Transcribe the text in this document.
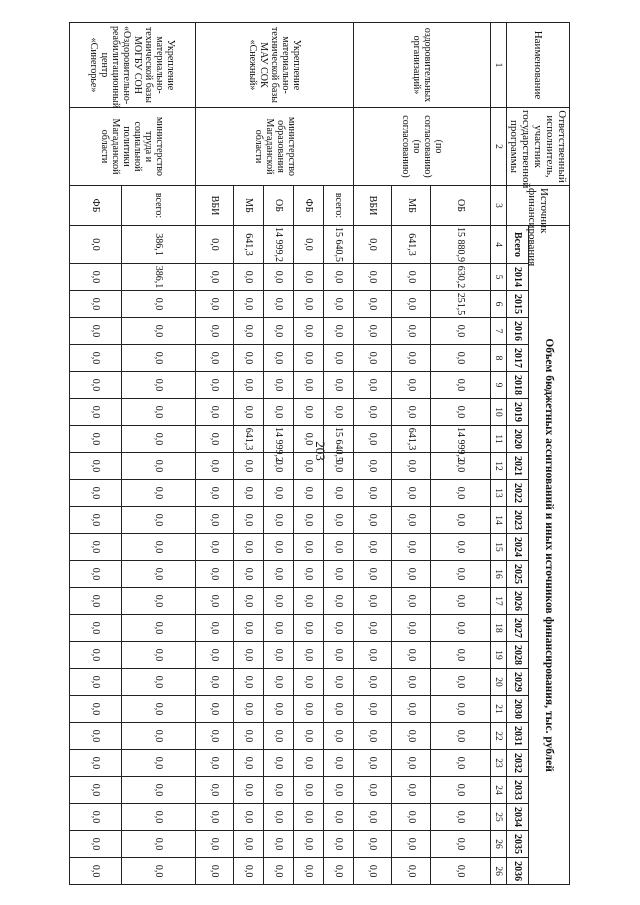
203
Наименование	Ответственный исполнитель, участник государственной программы	Источник финансирования	Объем бюджетных ассигнований и иных источников финансирования, тыс. рублей																							
			Всего	2014	2015	2016	2017	2018	2019	2020	2021	2022	2023	2024	2025	2026	2027	2028	2029	2030	2031	2032	2033	2034	2035	2036
1	2	3	4	5	6	7	8	9	10	11	12	13	14	15	16	17	18	19	20	21	22	23	24	25	26	26
оздоровительных организаций»	(по согласованию) (по согласованию)	ОБ	15 880,9	630,2	251,5	0,0	0,0	0,0	0,0	14 999,2	0,0	0,0	0,0	0,0	0,0	0,0	0,0	0,0	0,0	0,0	0,0	0,0	0,0	0,0	0,0	0,0
		МБ	641,3	0,0	0,0	0,0	0,0	0,0	0,0	641,3	0,0	0,0	0,0	0,0	0,0	0,0	0,0	0,0	0,0	0,0	0,0	0,0	0,0	0,0	0,0	0,0
		ВБИ	0,0	0,0	0,0	0,0	0,0	0,0	0,0	0,0	0,0	0,0	0,0	0,0	0,0	0,0	0,0	0,0	0,0	0,0	0,0	0,0	0,0	0,0	0,0	0,0
Укрепление материально-технической базы МАУ СОК «Снежный»	министерство образования Магаданской области	всего:	15 640,5	0,0	0,0	0,0	0,0	0,0	0,0	15 640,5	0,0	0,0	0,0	0,0	0,0	0,0	0,0	0,0	0,0	0,0	0,0	0,0	0,0	0,0	0,0	0,0
		ФБ	0,0	0,0	0,0	0,0	0,0	0,0	0,0	0,0	0,0	0,0	0,0	0,0	0,0	0,0	0,0	0,0	0,0	0,0	0,0	0,0	0,0	0,0	0,0	0,0
		ОБ	14 999,2	0,0	0,0	0,0	0,0	0,0	0,0	14 999,2	0,0	0,0	0,0	0,0	0,0	0,0	0,0	0,0	0,0	0,0	0,0	0,0	0,0	0,0	0,0	0,0
		МБ	641,3	0,0	0,0	0,0	0,0	0,0	0,0	641,3	0,0	0,0	0,0	0,0	0,0	0,0	0,0	0,0	0,0	0,0	0,0	0,0	0,0	0,0	0,0	0,0
		ВБИ	0,0	0,0	0,0	0,0	0,0	0,0	0,0	0,0	0,0	0,0	0,0	0,0	0,0	0,0	0,0	0,0	0,0	0,0	0,0	0,0	0,0	0,0	0,0	0,0
Укрепление материально-технической базы МОГБУ СОН «Оздоровительно-реабилитационный центр «Синегорье»	министерство труда и социальной политики Магаданской области	всего:	386,1	386,1	0,0	0,0	0,0	0,0	0,0	0,0	0,0	0,0	0,0	0,0	0,0	0,0	0,0	0,0	0,0	0,0	0,0	0,0	0,0	0,0	0,0	0,0
		ФБ	0,0	0,0	0,0	0,0	0,0	0,0	0,0	0,0	0,0	0,0	0,0	0,0	0,0	0,0	0,0	0,0	0,0	0,0	0,0	0,0	0,0	0,0	0,0	0,0
